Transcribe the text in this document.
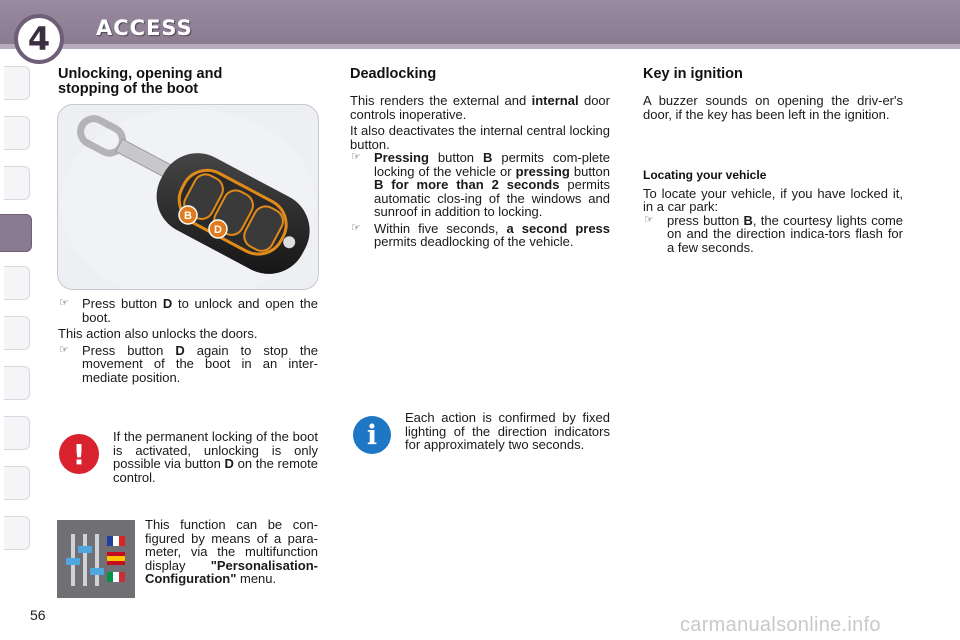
4 ACCESS
Unlocking, opening and stopping of the boot
B
D
☞ Press button D to unlock and open the boot.

This action also unlocks the doors.

☞ Press button D again to stop the movement of the boot in an inter-mediate position.
!
If the permanent locking of the boot is activated, unlocking is only possible via button D on the remote control.
This function can be con-figured by means of a para-meter, via the multifunction display "Personalisation-Configuration" menu.
Deadlocking

This renders the external and internal door controls inoperative.

It also deactivates the internal central locking button.

☞ Pressing button B permits com-plete locking of the vehicle or pressing button B for more than 2 seconds permits automatic clos-ing of the windows and sunroof in addition to locking.
☞ Within five seconds, a second press permits deadlocking of the vehicle.
i
Each action is confirmed by fixed lighting of the direction indicators for approximately two seconds.
Key in ignition

A buzzer sounds on opening the driv-er's door, if the key has been left in the ignition.

Locating your vehicle

To locate your vehicle, if you have locked it, in a car park:

☞ press button B, the courtesy lights come on and the direction indica-tors flash for a few seconds.
56	carmanualsonline.info
